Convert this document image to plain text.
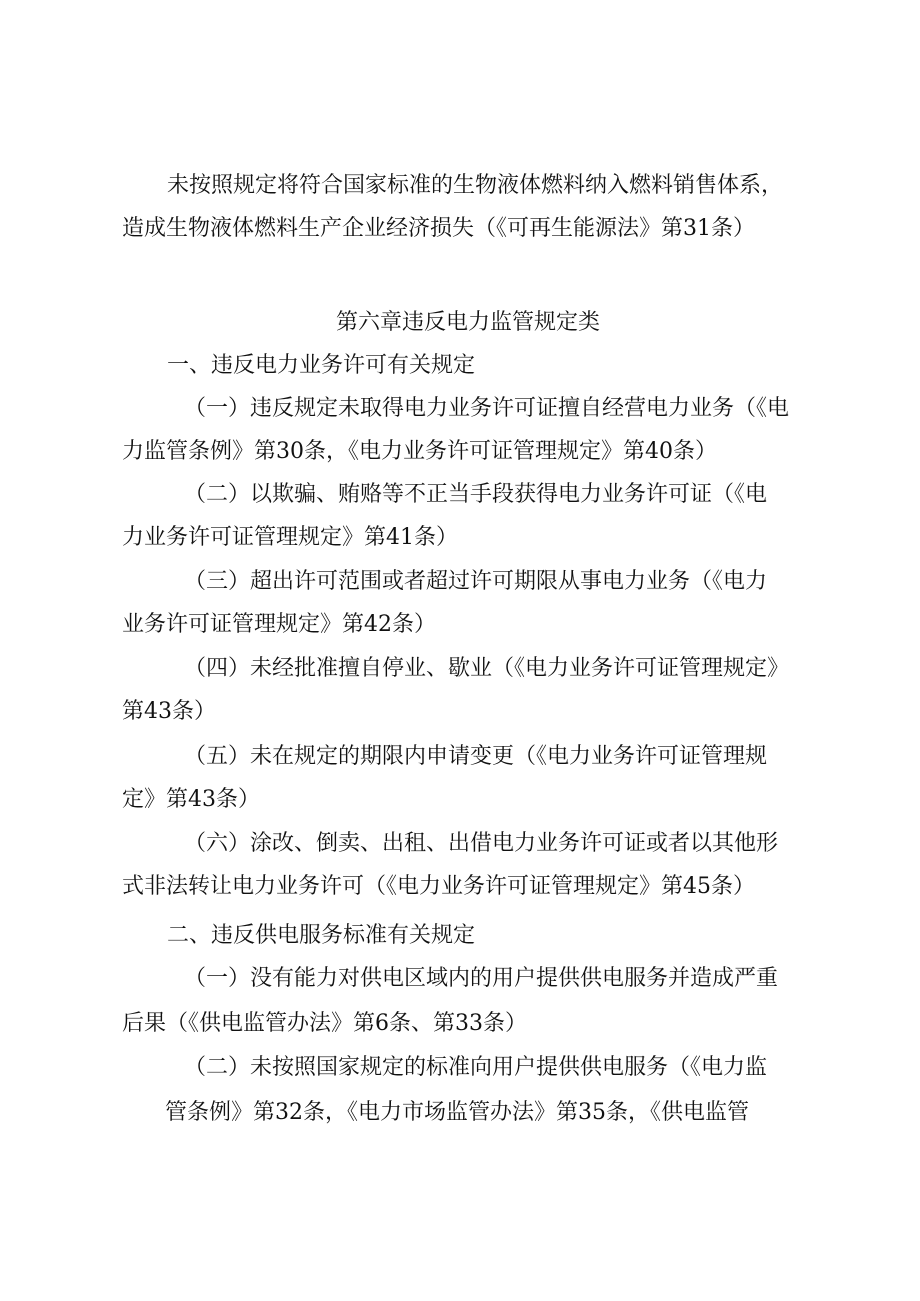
未按照规定将符合国家标准的生物液体燃料纳入燃料销售体系，
造成生物液体燃料生产企业经济损失（《可再生能源法》第31条）
第六章违反电力监管规定类
一、违反电力业务许可有关规定
（一）违反规定未取得电力业务许可证擅自经营电力业务（《电
力监管条例》第30条，《电力业务许可证管理规定》第40条）
（二）以欺骗、贿赂等不正当手段获得电力业务许可证（《电
力业务许可证管理规定》第41条）
（三）超出许可范围或者超过许可期限从事电力业务（《电力
业务许可证管理规定》第42条）
（四）未经批准擅自停业、歇业（《电力业务许可证管理规定》
第43条）
（五）未在规定的期限内申请变更（《电力业务许可证管理规
定》第43条）
（六）涂改、倒卖、出租、出借电力业务许可证或者以其他形
式非法转让电力业务许可（《电力业务许可证管理规定》第45条）
二、违反供电服务标准有关规定
（一）没有能力对供电区域内的用户提供供电服务并造成严重
后果（《供电监管办法》第6条、第33条）
（二）未按照国家规定的标准向用户提供供电服务（《电力监
管条例》第32条，《电力市场监管办法》第35条，《供电监管
